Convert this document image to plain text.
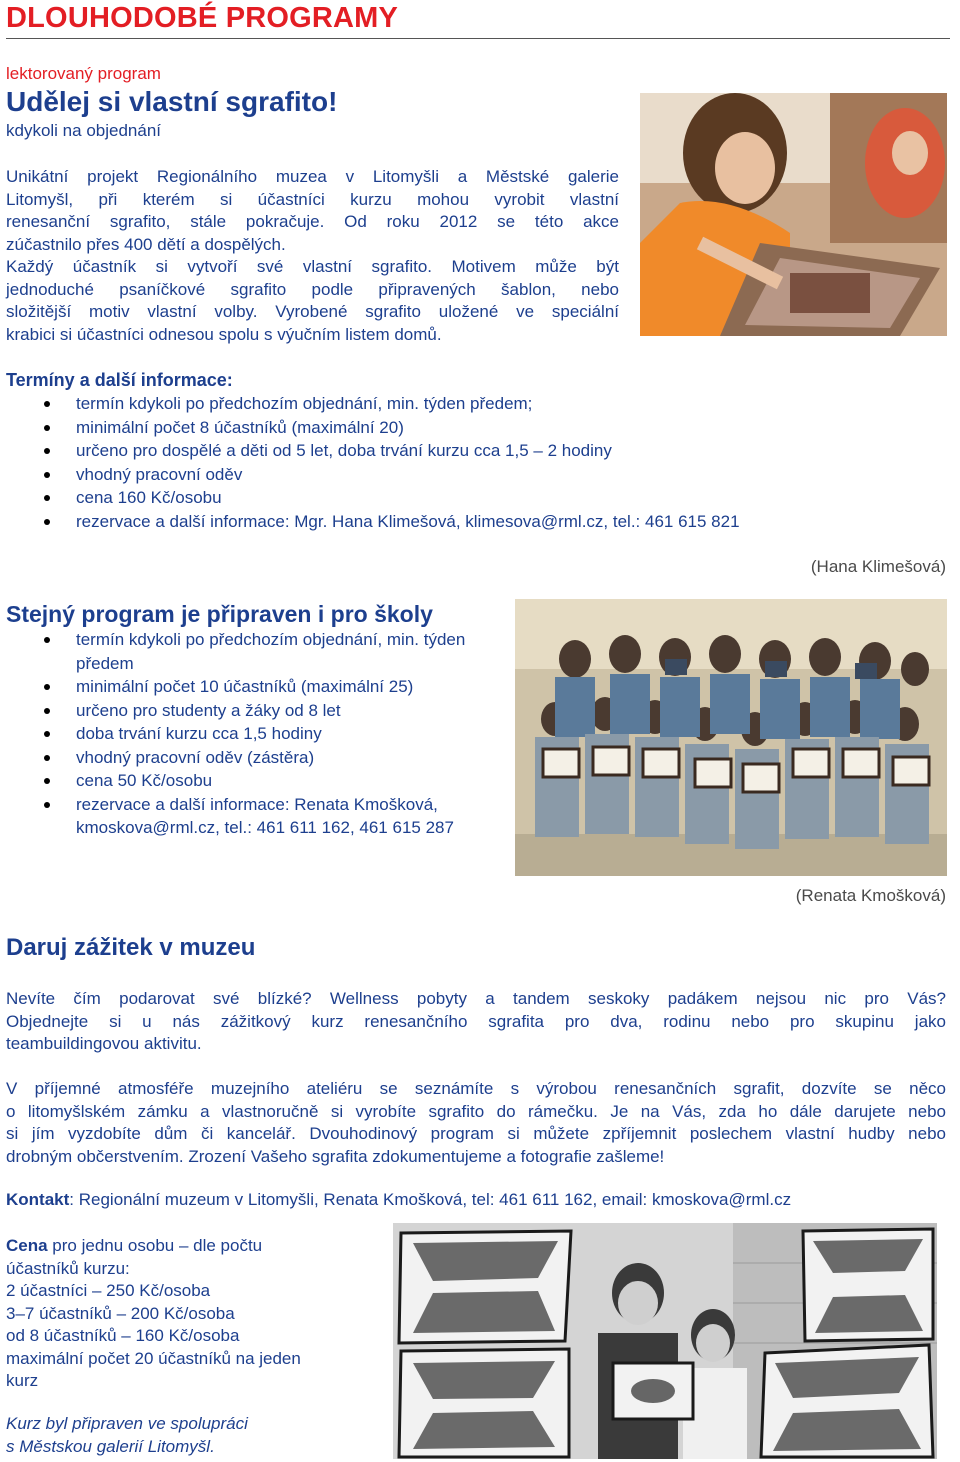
DLOUHODOBÉ PROGRAMY
lektorovaný program
Udělej si vlastní sgrafito!
kdykoli na objednání
Unikátní projekt Regionálního muzea v Litomyšli a Městské galerie
Litomyšl, při kterém si účastníci kurzu mohou vyrobit vlastní
renesanční sgrafito, stále pokračuje. Od roku 2012 se této akce
zúčastnilo přes 400 dětí a dospělých.
Každý účastník si vytvoří své vlastní sgrafito. Motivem může být
jednoduché psaníčkové sgrafito podle připravených šablon, nebo
složitější motiv vlastní volby. Vyrobené sgrafito uložené ve speciální
krabici si účastníci odnesou spolu s výučním listem domů.
Termíny a další informace:
termín kdykoli po předchozím objednání, min. týden předem;
minimální počet 8 účastníků (maximální 20)
určeno pro dospělé a děti od 5 let, doba trvání kurzu cca 1,5 – 2 hodiny
vhodný pracovní oděv
cena 160 Kč/osobu
rezervace a další informace: Mgr. Hana Klimešová, klimesova@rml.cz, tel.: 461 615 821
(Hana Klimešová)
Stejný program je připraven i pro školy
termín kdykoli po předchozím objednání, min. týden předem
minimální počet 10 účastníků (maximální 25)
určeno pro studenty a žáky od 8 let
doba trvání kurzu cca 1,5 hodiny
vhodný pracovní oděv (zástěra)
cena 50 Kč/osobu
rezervace a další informace: Renata Kmošková, kmoskova@rml.cz, tel.: 461 611 162, 461 615 287
(Renata Kmošková)
Daruj zážitek v muzeu
Nevíte čím podarovat své blízké? Wellness pobyty a tandem seskoky padákem nejsou nic pro Vás?
Objednejte si u nás zážitkový kurz renesančního sgrafita pro dva, rodinu nebo pro skupinu jako
teambuildingovou aktivitu.
V příjemné atmosféře muzejního ateliéru se seznámíte s výrobou renesančních sgrafit, dozvíte se něco
o litomyšlském zámku a vlastnoručně si vyrobíte sgrafito do rámečku. Je na Vás, zda ho dále darujete nebo
si jím vyzdobíte dům či kancelář. Dvouhodinový program si můžete zpříjemnit poslechem vlastní hudby nebo
drobným občerstvením. Zrození Vašeho sgrafita zdokumentujeme a fotografie zašleme!
Kontakt: Regionální muzeum v Litomyšli, Renata Kmošková, tel: 461 611 162, email: kmoskova@rml.cz
Cena pro jednu osobu – dle počtu
účastníků kurzu:
2 účastníci – 250 Kč/osoba
3–7 účastníků – 200 Kč/osoba
od 8 účastníků – 160 Kč/osoba
maximální počet 20 účastníků na jeden
kurz
Kurz byl připraven ve spolupráci
s Městskou galerií Litomyšl.
